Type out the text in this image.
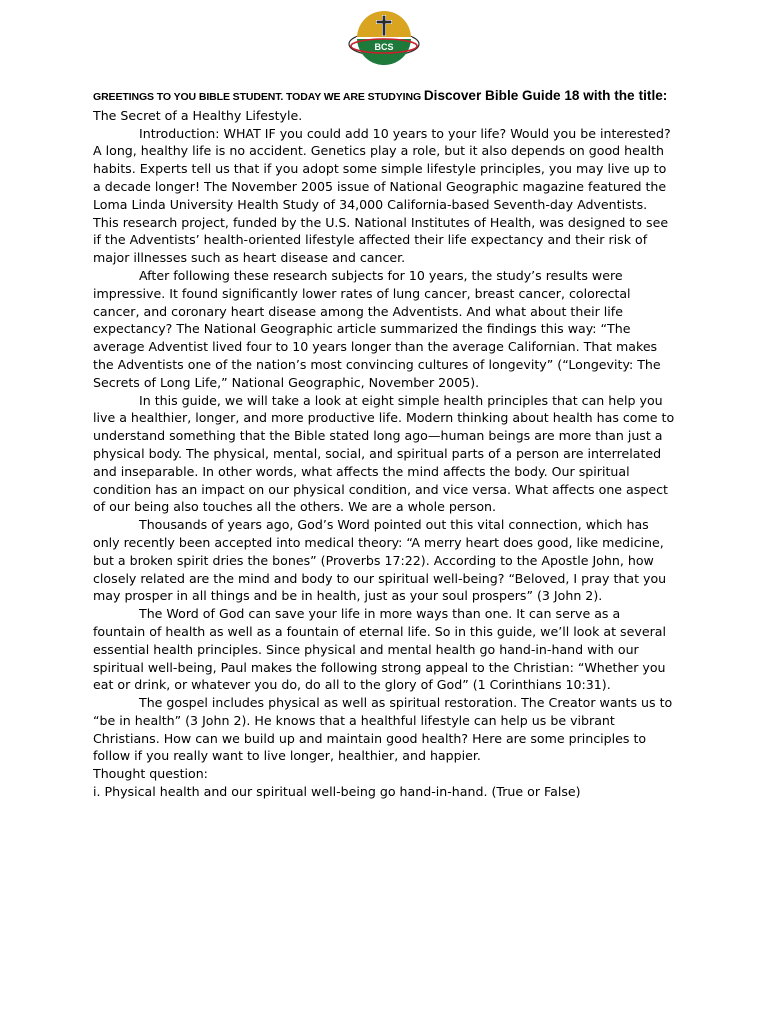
BCS

GREETINGS TO YOU BIBLE STUDENT. TODAY WE ARE STUDYING Discover Bible Guide 18 with the title: The Secret of a Healthy Lifestyle.

Introduction: WHAT IF you could add 10 years to your life? Would you be interested? A long, healthy life is no accident. Genetics play a role, but it also depends on good health habits. Experts tell us that if you adopt some simple lifestyle principles, you may live up to a decade longer! The November 2005 issue of National Geographic magazine featured the Loma Linda University Health Study of 34,000 California-based Seventh-day Adventists. This research project, funded by the U.S. National Institutes of Health, was designed to see if the Adventists’ health-oriented lifestyle affected their life expectancy and their risk of major illnesses such as heart disease and cancer.

After following these research subjects for 10 years, the study’s results were impressive. It found significantly lower rates of lung cancer, breast cancer, colorectal cancer, and coronary heart disease among the Adventists. And what about their life expectancy? The National Geographic article summarized the findings this way: “The average Adventist lived four to 10 years longer than the average Californian. That makes the Adventists one of the nation’s most convincing cultures of longevity” (“Longevity: The Secrets of Long Life,” National Geographic, November 2005).

In this guide, we will take a look at eight simple health principles that can help you live a healthier, longer, and more productive life. Modern thinking about health has come to understand something that the Bible stated long ago—human beings are more than just a physical body. The physical, mental, social, and spiritual parts of a person are interrelated and inseparable. In other words, what affects the mind affects the body. Our spiritual condition has an impact on our physical condition, and vice versa. What affects one aspect of our being also touches all the others. We are a whole person.

Thousands of years ago, God’s Word pointed out this vital connection, which has only recently been accepted into medical theory: “A merry heart does good, like medicine, but a broken spirit dries the bones” (Proverbs 17:22). According to the Apostle John, how closely related are the mind and body to our spiritual well-being? “Beloved, I pray that you may prosper in all things and be in health, just as your soul prospers” (3 John 2).

The Word of God can save your life in more ways than one. It can serve as a fountain of health as well as a fountain of eternal life. So in this guide, we’ll look at several essential health principles. Since physical and mental health go hand-in-hand with our spiritual well-being, Paul makes the following strong appeal to the Christian: “Whether you eat or drink, or whatever you do, do all to the glory of God” (1 Corinthians 10:31).

The gospel includes physical as well as spiritual restoration. The Creator wants us to “be in health” (3 John 2). He knows that a healthful lifestyle can help us be vibrant Christians. How can we build up and maintain good health? Here are some principles to follow if you really want to live longer, healthier, and happier.

Thought question:

i. Physical health and our spiritual well-being go hand-in-hand. (True or False)
